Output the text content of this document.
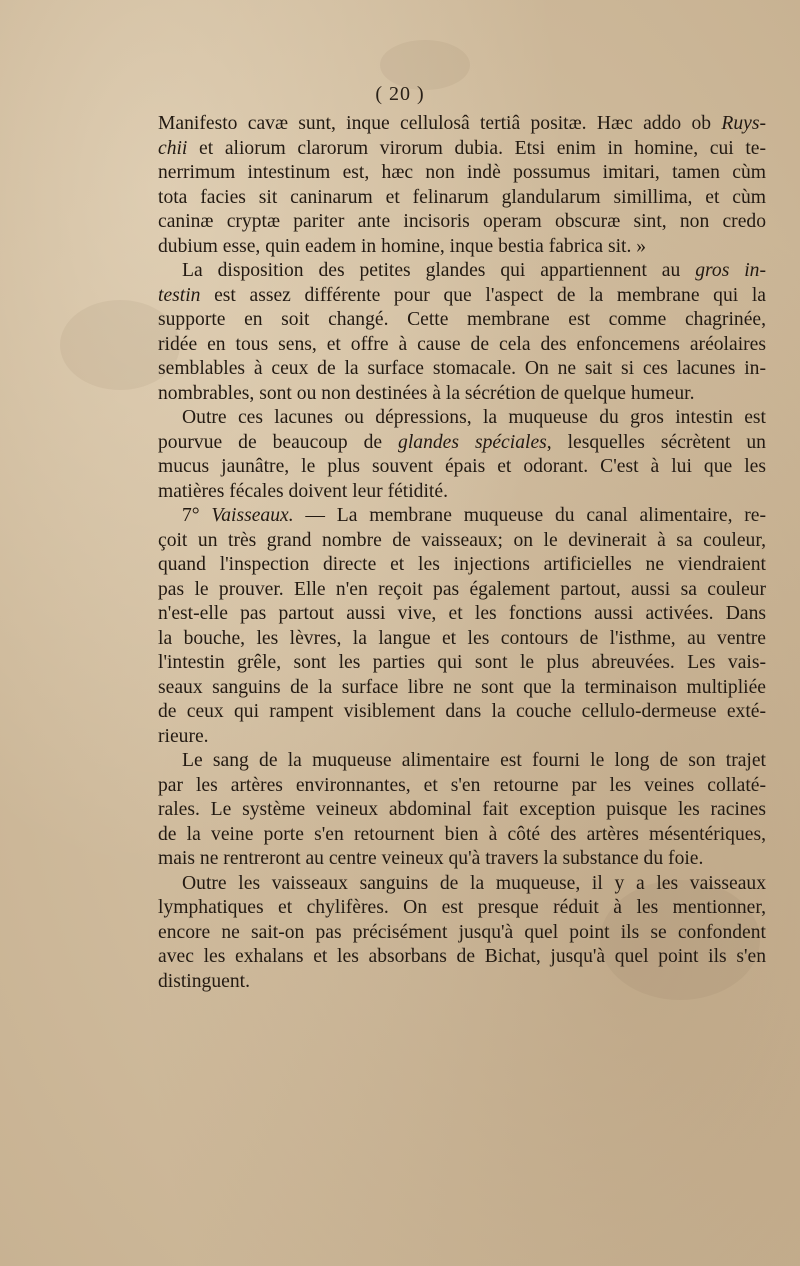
( 20 )
Manifesto cavæ sunt, inque cellulosâ tertiâ positæ. Hæc addo ob Ruys-
chii et aliorum clarorum virorum dubia. Etsi enim in homine, cui te-
nerrimum intestinum est, hæc non indè possumus imitari, tamen cùm
tota facies sit caninarum et felinarum glandularum simillima, et cùm
caninæ cryptæ pariter ante incisoris operam obscuræ sint, non credo
dubium esse, quin eadem in homine, inque bestia fabrica sit. »
La disposition des petites glandes qui appartiennent au gros in-
testin est assez différente pour que l'aspect de la membrane qui la
supporte en soit changé. Cette membrane est comme chagrinée,
ridée en tous sens, et offre à cause de cela des enfoncemens aréolaires
semblables à ceux de la surface stomacale. On ne sait si ces lacunes in-
nombrables, sont ou non destinées à la sécrétion de quelque humeur.
Outre ces lacunes ou dépressions, la muqueuse du gros intestin est
pourvue de beaucoup de glandes spéciales, lesquelles sécrètent un
mucus jaunâtre, le plus souvent épais et odorant. C'est à lui que les
matières fécales doivent leur fétidité.
7° Vaisseaux. — La membrane muqueuse du canal alimentaire, re-
çoit un très grand nombre de vaisseaux; on le devinerait à sa couleur,
quand l'inspection directe et les injections artificielles ne viendraient
pas le prouver. Elle n'en reçoit pas également partout, aussi sa couleur
n'est-elle pas partout aussi vive, et les fonctions aussi activées. Dans
la bouche, les lèvres, la langue et les contours de l'isthme, au ventre
l'intestin grêle, sont les parties qui sont le plus abreuvées. Les vais-
seaux sanguins de la surface libre ne sont que la terminaison multipliée
de ceux qui rampent visiblement dans la couche cellulo-dermeuse exté-
rieure.
Le sang de la muqueuse alimentaire est fourni le long de son trajet
par les artères environnantes, et s'en retourne par les veines collaté-
rales. Le système veineux abdominal fait exception puisque les racines
de la veine porte s'en retournent bien à côté des artères mésentériques,
mais ne rentreront au centre veineux qu'à travers la substance du foie.
Outre les vaisseaux sanguins de la muqueuse, il y a les vaisseaux
lymphatiques et chylifères. On est presque réduit à les mentionner,
encore ne sait-on pas précisément jusqu'à quel point ils se confondent
avec les exhalans et les absorbans de Bichat, jusqu'à quel point ils s'en
distinguent.
